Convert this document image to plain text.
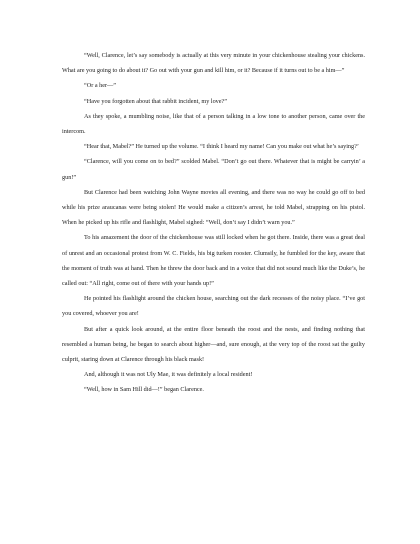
“Well, Clarence, let’s say somebody is actually at this very minute in your chickenhouse stealing your chickens. What are you going to do about it? Go out with your gun and kill him, or it? Because if it turns out to be a him—”

“Or a her—”

“Have you forgotten about that rabbit incident, my love?”

As they spoke, a mumbling noise, like that of a person talking in a low tone to another person, came over the intercom.

“Hear that, Mabel?” He turned up the volume. “I think I heard my name! Can you make out what he’s saying?’

“Clarence, will you come on to bed?” scolded Mabel. “Don’t go out there. Whatever that is might be carryin’ a gun!”

But Clarence had been watching John Wayne movies all evening, and there was no way he could go off to bed while his prize araucanas were being stolen! He would make a citizen’s arrest, he told Mabel, strapping on his pistol. When he picked up his rifle and flashlight, Mabel sighed: “Well, don’t say I didn’t warn you.”

To his amazement the door of the chickenhouse was still locked when he got there. Inside, there was a great deal of unrest and an occasional protest from W. C. Fields, his big turken rooster. Clumsily, he fumbled for the key, aware that the moment of truth was at hand. Then he threw the door back and in a voice that did not sound much like the Duke’s, he called out: “All right, come out of there with your hands up!”

He pointed his flashlight around the chicken house, searching out the dark recesses of the noisy place. “I’ve got you covered, whoever you are!

But after a quick look around, at the entire floor beneath the roost and the nests, and finding nothing that resembled a human being, he began to search about higher—and, sure enough, at the very top of the roost sat the guilty culprit, staring down at Clarence through his black mask!

And, although it was not Uly Mae, it was definitely a local resident!

“Well, how in Sam Hill did—!” began Clarence.
